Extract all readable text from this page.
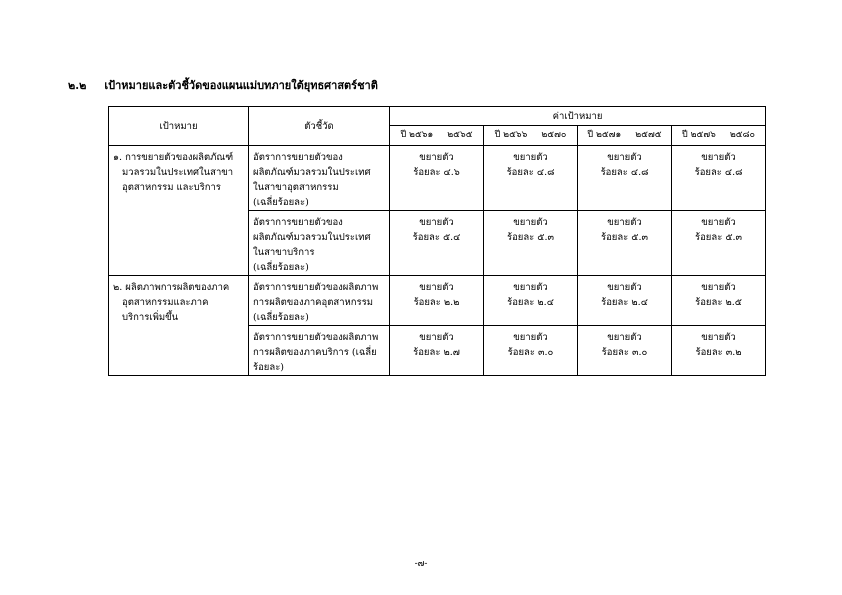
๒.๒ เป้าหมายและตัวชี้วัดของแผนแม่บทภายใต้ยุทธศาสตร์ชาติ
เป้าหมาย	ตัวชี้วัด	ค่าเป้าหมาย			
		ปี ๒๕๖๑ ๒๕๖๕	ปี ๒๕๖๖ ๒๕๗๐	ปี ๒๕๗๑ ๒๕๗๕	ปี ๒๕๗๖ ๒๕๘๐

๑. การขยายตัวของผลิตภัณฑ์
มวลรวมในประเทศในสาขา
อุตสาหกรรม และบริการ	อัตราการขยายตัวของ
ผลิตภัณฑ์มวลรวมในประเทศ
ในสาขาอุตสาหกรรม
(เฉลี่ยร้อยละ)	ขยายตัว
ร้อยละ ๔.๖	ขยายตัว
ร้อยละ ๔.๘	ขยายตัว
ร้อยละ ๔.๘	ขยายตัว
ร้อยละ ๔.๘

	อัตราการขยายตัวของ
ผลิตภัณฑ์มวลรวมในประเทศ
ในสาขาบริการ
(เฉลี่ยร้อยละ)	ขยายตัว
ร้อยละ ๕.๔	ขยายตัว
ร้อยละ ๕.๓	ขยายตัว
ร้อยละ ๕.๓	ขยายตัว
ร้อยละ ๕.๓

๒. ผลิตภาพการผลิตของภาค
อุตสาหกรรมและภาค
บริการเพิ่มขึ้น	อัตราการขยายตัวของผลิตภาพ
การผลิตของภาคอุตสาหกรรม
(เฉลี่ยร้อยละ)	ขยายตัว
ร้อยละ ๒.๒	ขยายตัว
ร้อยละ ๒.๔	ขยายตัว
ร้อยละ ๒.๔	ขยายตัว
ร้อยละ ๒.๕

	อัตราการขยายตัวของผลิตภาพ
การผลิตของภาคบริการ (เฉลี่ย
ร้อยละ)	ขยายตัว
ร้อยละ ๒.๗	ขยายตัว
ร้อยละ ๓.๐	ขยายตัว
ร้อยละ ๓.๐	ขยายตัว
ร้อยละ ๓.๒
-๗-
